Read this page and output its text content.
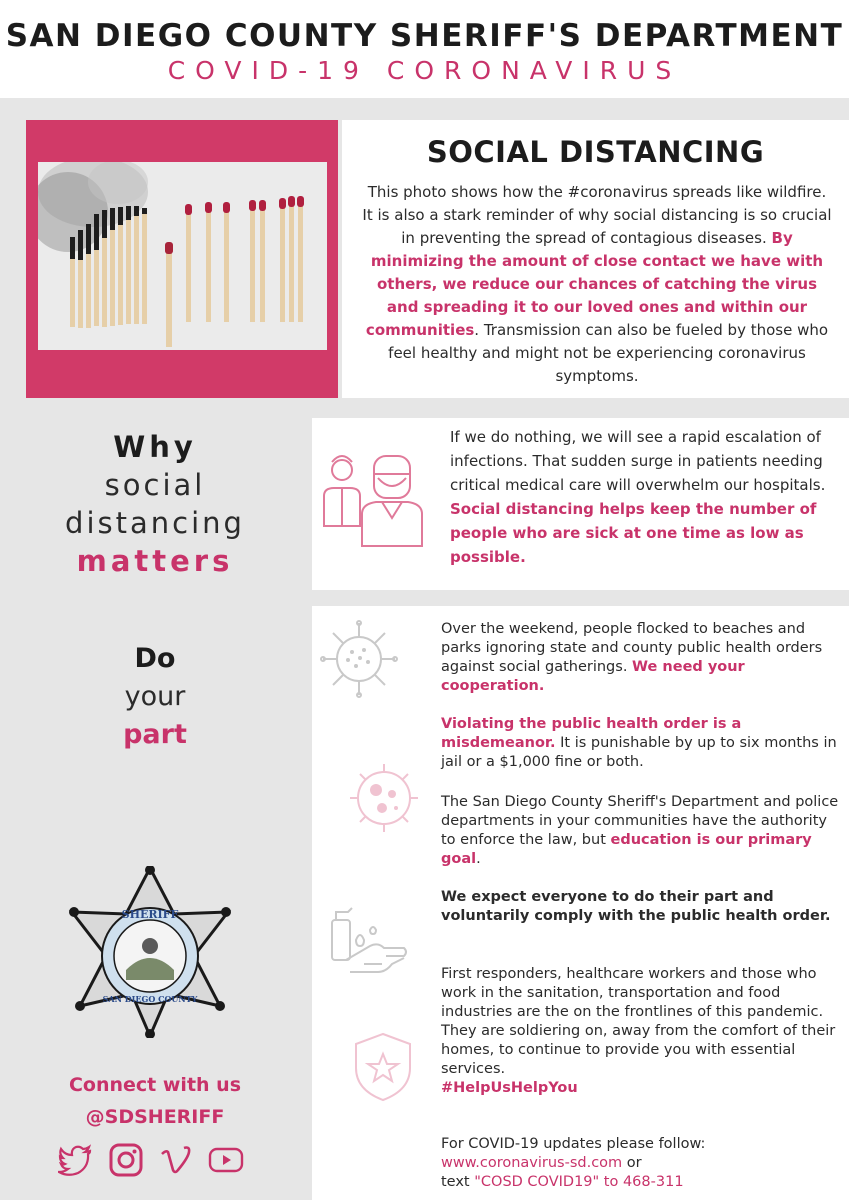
SAN DIEGO COUNTY SHERIFF'S DEPARTMENT
COVID-19 CORONAVIRUS
SOCIAL DISTANCING
This photo shows how the #coronavirus spreads like wildfire. It is also a stark reminder of why social distancing is so crucial in preventing the spread of contagious diseases. By minimizing the amount of close contact we have with others, we reduce our chances of catching the virus and spreading it to our loved ones and within our communities. Transmission can also be fueled by those who feel healthy and might not be experiencing coronavirus symptoms.
Why
social
distancing
matters
If we do nothing, we will see a rapid escalation of infections. That sudden surge in patients needing critical medical care will overwhelm our hospitals. Social distancing helps keep the number of people who are sick at one time as low as possible.
Do
your
part
Over the weekend, people flocked to beaches and parks ignoring state and county public health orders against social gatherings. We need your cooperation.
Violating the public health order is a misdemeanor. It is punishable by up to six months in jail or a $1,000 fine or both.
The San Diego County Sheriff's Department and police departments in your communities have the authority to enforce the law, but education is our primary goal.
We expect everyone to do their part and voluntarily comply with the public health order.
First responders, healthcare workers and those who work in the sanitation, transportation and food industries are the on the frontlines of this pandemic. They are soldiering on, away from the comfort of their homes, to continue to provide you with essential services.
#HelpUsHelpYou
For COVID-19 updates please follow:
www.coronavirus-sd.com or
text "COSD COVID19" to 468-311
SHERIFF
SAN DIEGO COUNTY
Connect with us
@SDSHERIFF
